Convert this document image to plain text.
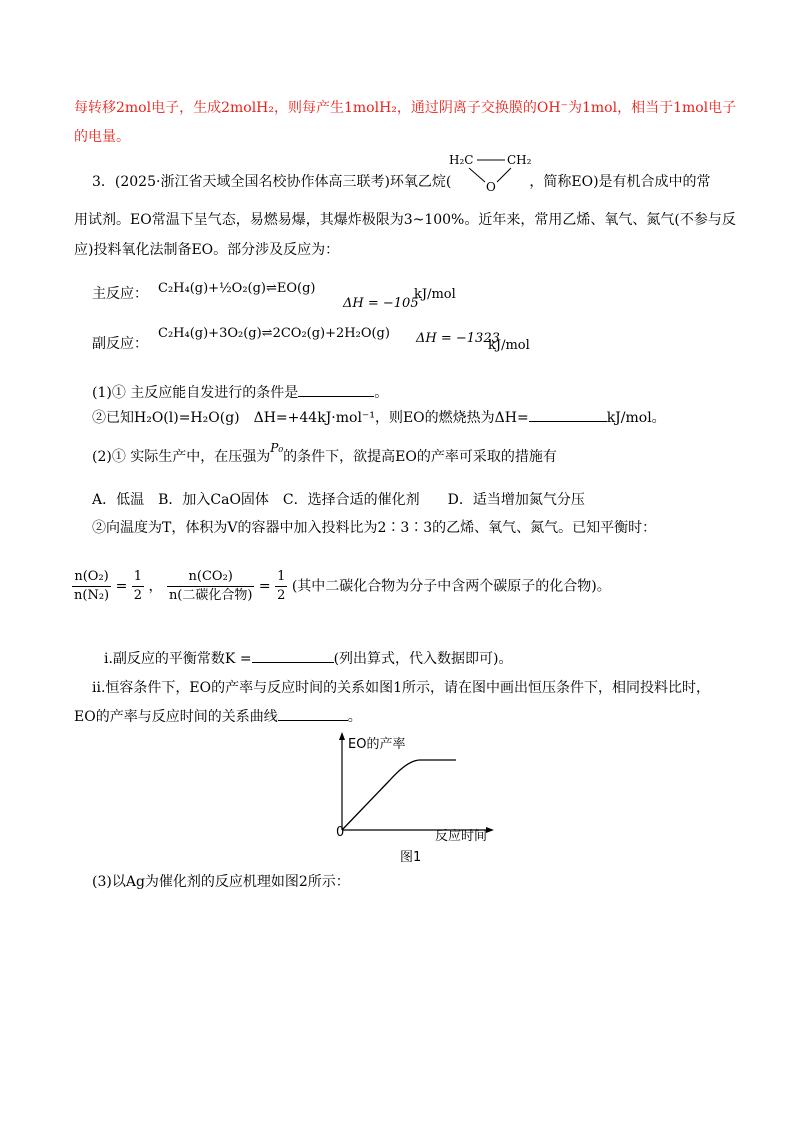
每转移2mol电子，生成2molH₂，则每产生1molH₂，通过阴离子交换膜的OH⁻为1mol，相当于1mol电子
的电量。
3．(2025·浙江省天域全国名校协作体高三联考)环氧乙烷(	，简称EO)是有机合成中的常
H₂C	CH₂
O
用试剂。EO常温下呈气态，易燃易爆，其爆炸极限为3~100%。近年来，常用乙烯、氧气、氮气(不参与反
应)投料氧化法制备EO。部分涉及反应为：
主反应： C₂H₄(g)+½O₂(g)⇌EO(g)
ΔH = −105
kJ/mol
副反应：
C₂H₄(g)+3O₂(g)⇌2CO₂(g)+2H₂O(g) ΔH = −1323
kJ/mol
(1)① 主反应能自发进行的条件是	。
②已知H₂O(l)=H₂O(g)　ΔH=+44kJ·mol⁻¹，则EO的燃烧热为ΔH=	kJ/mol。
(2)① 实际生产中，在压强为P₀的条件下，欲提高EO的产率可采取的措施有
A．低温　B．加入CaO固体　C．选择合适的催化剂　　D．适当增加氮气分压
②向温度为T，体积为V的容器中加入投料比为2∶3∶3的乙烯、氧气、氮气。已知平衡时：
$\frac{\text{n(O₂)}}{\text{n(N₂)}} = \frac{1}{2}$ ， $\frac{\text{n(CO₂)}}{\text{n(二碳化合物)}} = \frac{1}{2}$ (其中二碳化合物为分子中含两个碳原子的化合物)。
ⅰ.副反应的平衡常数K =	(列出算式，代入数据即可)。
ⅱ.恒容条件下，EO的产率与反应时间的关系如图1所示，请在图中画出恒压条件下，相同投料比时，
EO的产率与反应时间的关系曲线	。
EO的产率
反应时间
0
图1
(3)以Ag为催化剂的反应机理如图2所示：
